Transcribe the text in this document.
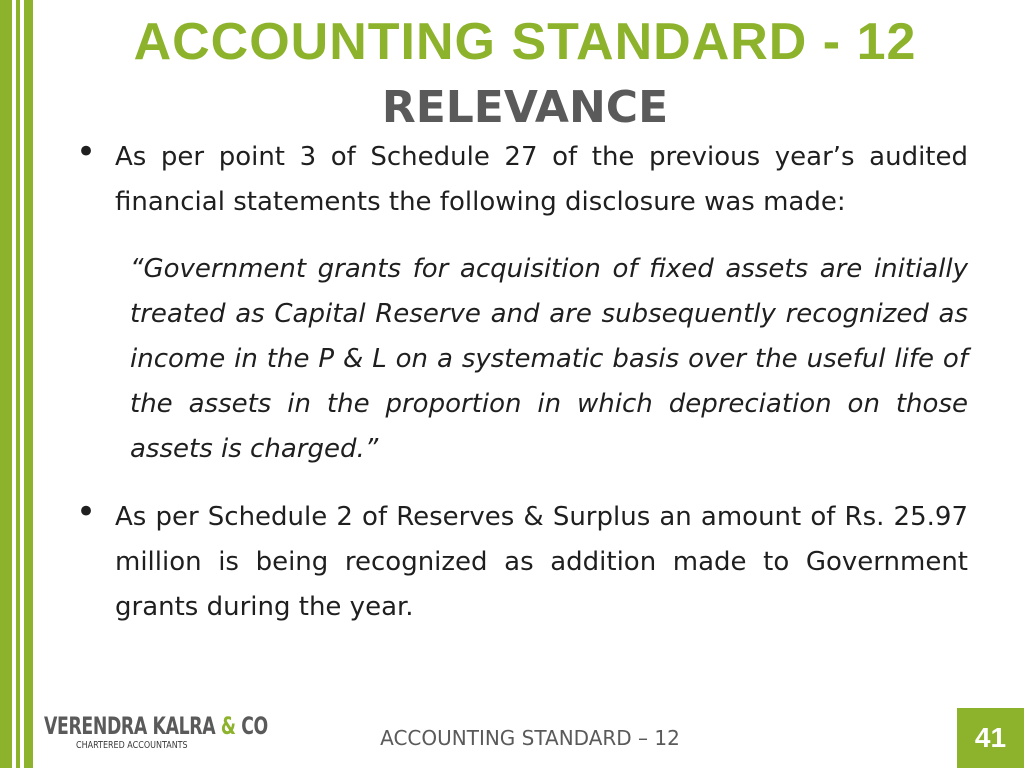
ACCOUNTING STANDARD - 12
RELEVANCE
• As per point 3 of Schedule 27 of the previous year’s audited financial statements the following disclosure was made:
“Government grants for acquisition of fixed assets are initially treated as Capital Reserve and are subsequently recognized as income in the P & L on a systematic basis over the useful life of the assets in the proportion in which depreciation on those assets is charged.”
• As per Schedule 2 of Reserves & Surplus an amount of Rs. 25.97 million is being recognized as addition made to Government grants during the year.
VERENDRA KALRA & CO
CHARTERED ACCOUNTANTS	ACCOUNTING STANDARD – 12	41
